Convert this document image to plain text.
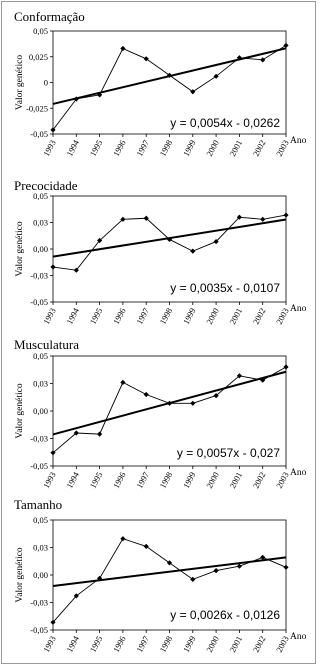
Conformação
0,05
0,025
0
-0,025
-0,05
Valor genético
1993 1994 1995 1996 1997 1998 1999 2000 2001 2002 2003 Ano
y = 0,0054x - 0,0262
Precocidade
0,05
0,03
0,00
-0,03
-0,05
Valor genético
1993 1994 1995 1996 1997 1998 1999 2000 2001 2002 2003 Ano
y = 0,0035x - 0,0107
Musculatura
0,05
0,03
0,00
-0,03
-0,05
Valor genético
1993 1994 1995 1996 1997 1998 1999 2000 2001 2002 2003 Ano
y = 0,0057x - 0,027
Tamanho
0,05
0,03
0,00
-0,03
-0,05
Valor genético
1993 1994 1995 1996 1997 1998 1999 2000 2001 2002 2003 Ano
y = 0,0026x - 0,0126
